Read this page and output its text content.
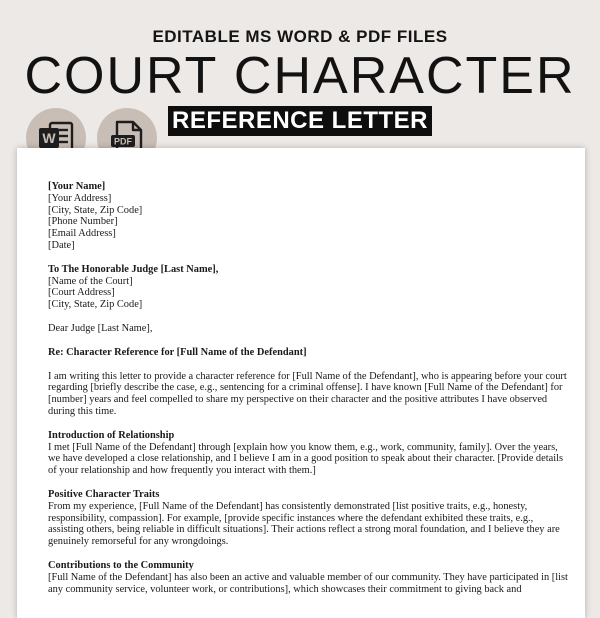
EDITABLE MS WORD & PDF FILES
COURT CHARACTER
W	PDF

[Your Name]

[Your Address]

[City, State, Zip Code]

[Phone Number]

[Email Address]

[Date]

To The Honorable Judge [Last Name],

[Name of the Court]

[Court Address]

[City, State, Zip Code]

Dear Judge [Last Name],

Re: Character Reference for [Full Name of the Defendant]

I am writing this letter to provide a character reference for [Full Name of the Defendant], who is appearing before your court regarding [briefly describe the case, e.g., sentencing for a criminal offense]. I have known [Full Name of the Defendant] for [number] years and feel compelled to share my perspective on their character and the positive attributes I have observed during this time.

Introduction of Relationship

I met [Full Name of the Defendant] through [explain how you know them, e.g., work, community, family]. Over the years, we have developed a close relationship, and I believe I am in a good position to speak about their character. [Provide details of your relationship and how frequently you interact with them.]

Positive Character Traits

From my experience, [Full Name of the Defendant] has consistently demonstrated [list positive traits, e.g., honesty, responsibility, compassion]. For example, [provide specific instances where the defendant exhibited these traits, e.g., assisting others, being reliable in difficult situations]. Their actions reflect a strong moral foundation, and I believe they are genuinely remorseful for any wrongdoings.

Contributions to the Community

[Full Name of the Defendant] has also been an active and valuable member of our community. They have participated in [list any community service, volunteer work, or contributions], which showcases their commitment to giving back and

REFERENCE LETTER
